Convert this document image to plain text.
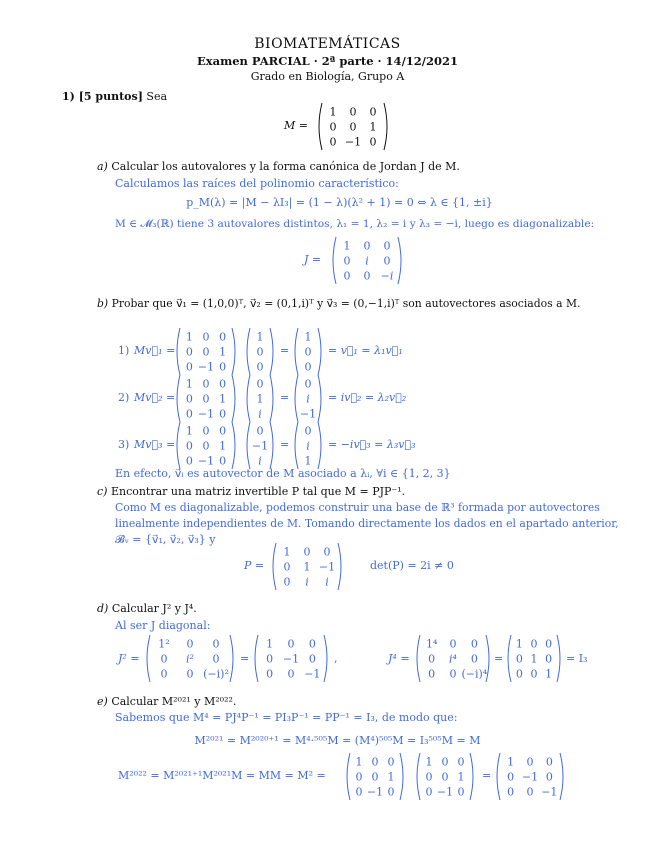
BIOMATEMÁTICAS
Examen PARCIAL · 2ª parte · 14/12/2021
Grado en Biología, Grupo A
1) [5 puntos] Sea
M =
1 0 0
0 0 1
0 −1 0
a) Calcular los autovalores y la forma canónica de Jordan J de M.
Calculamos las raíces del polinomio característico:
p_M(λ) = |M − λI₃| = (1 − λ)(λ² + 1) = 0 ⇔ λ ∈ {1, ±i}
M ∈ 𝓜₃(ℝ) tiene 3 autovalores distintos, λ₁ = 1, λ₂ = i y λ₃ = −i, luego es diagonalizable:
J =
1 0 0
0 i 0
0 0 −i
b) Probar que v⃗₁ = (1,0,0)ᵀ, v⃗₂ = (0,1,i)ᵀ y v⃗₃ = (0,−1,i)ᵀ son autovectores asociados a M.
1) Mv⃗₁ =
1 0 0
0 0 1
0 −1 0
1
0
0
=
1
0
0
= v⃗₁ = λ₁v⃗₁
2) Mv⃗₂ =
1 0 0
0 0 1
0 −1 0
0
1
i
=
0
i
−1
= iv⃗₂ = λ₂v⃗₂
3) Mv⃗₃ =
1 0 0
0 0 1
0 −1 0
0
−1
i
=
0
i
1
= −iv⃗₃ = λ₃v⃗₃
En efecto, v⃗ᵢ es autovector de M asociado a λᵢ, ∀i ∈ {1, 2, 3}
c) Encontrar una matriz invertible P tal que M = PJP⁻¹.
Como M es diagonalizable, podemos construir una base de ℝ³ formada por autovectores
linealmente independientes de M. Tomando directamente los dados en el apartado anterior,
𝓑ᵥ = {v⃗₁, v⃗₂, v⃗₃} y
P =
1 0 0
0 1 −1
0 i i
det(P) = 2i ≠ 0
d) Calcular J² y J⁴.
Al ser J diagonal:
J² =
1² 0 0
0 i² 0
0 0 (−i)²
=
1 0 0
0 −1 0
0 0 −1
,	J⁴ =
1⁴ 0 0
0 i⁴ 0
0 0 (−i)⁴
=
1 0 0
0 1 0
0 0 1
= I₃
e) Calcular M²⁰²¹ y M²⁰²².
Sabemos que M⁴ = PJ⁴P⁻¹ = PI₃P⁻¹ = PP⁻¹ = I₃, de modo que:
M²⁰²¹ = M²⁰²⁰⁺¹ = M⁴·⁵⁰⁵M = (M⁴)⁵⁰⁵M = I₃⁵⁰⁵M = M
M²⁰²² = M²⁰²¹⁺¹M²⁰²¹M = MM = M² =
1 0 0
0 0 1
0 −1 0
1 0 0
0 0 1
0 −1 0
=
1 0 0
0 −1 0
0 0 −1
